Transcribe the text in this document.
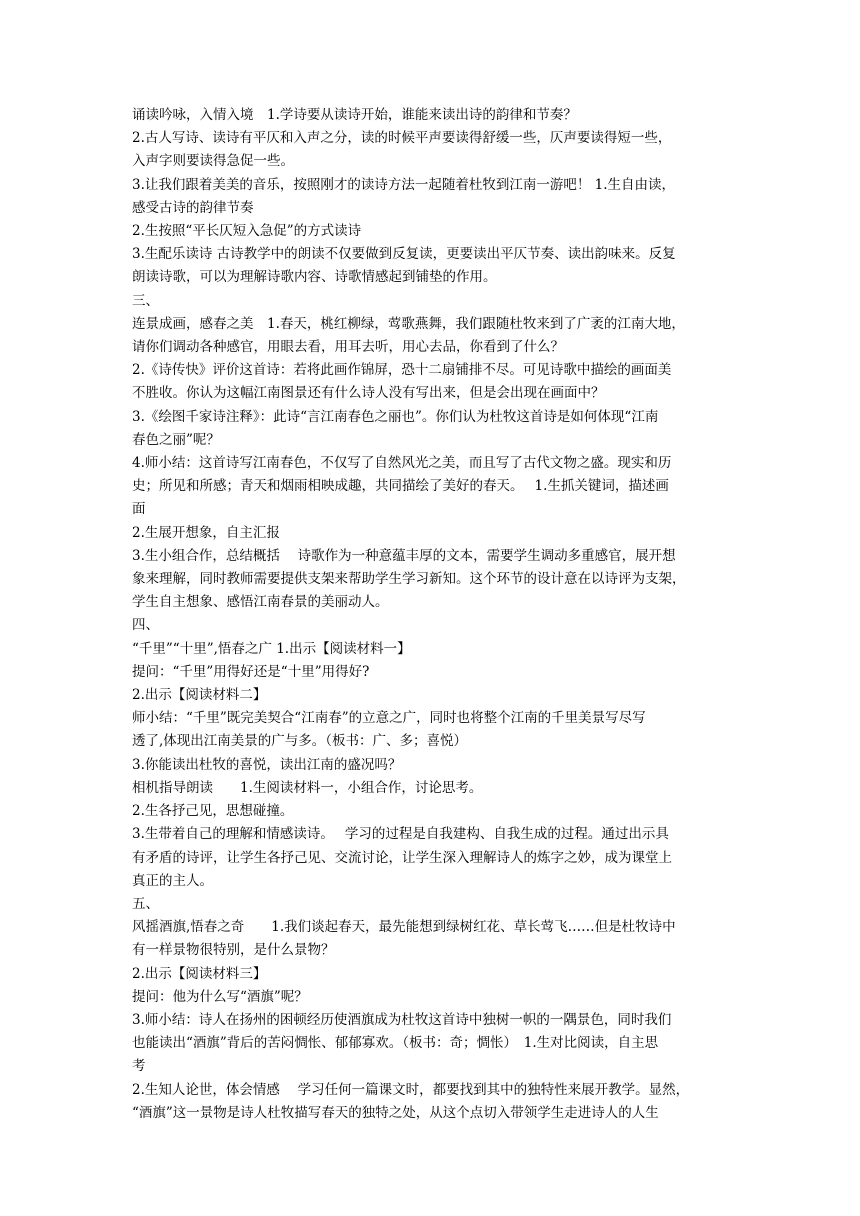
诵读吟咏，入情入境　1.学诗要从读诗开始，谁能来读出诗的韵律和节奏？
2.古人写诗、读诗有平仄和入声之分，读的时候平声要读得舒缓一些，仄声要读得短一些，
入声字则要读得急促一些。
3.让我们跟着美美的音乐，按照刚才的读诗方法一起随着杜牧到江南一游吧！ 1.生自由读，
感受古诗的韵律节奏
2.生按照“平长仄短入急促”的方式读诗
3.生配乐读诗 古诗教学中的朗读不仅要做到反复读，更要读出平仄节奏、读出韵味来。反复
朗读诗歌，可以为理解诗歌内容、诗歌情感起到铺垫的作用。
三、
连景成画，感春之美　1.春天，桃红柳绿，莺歌燕舞，我们跟随杜牧来到了广袤的江南大地，
请你们调动各种感官，用眼去看，用耳去听，用心去品，你看到了什么？
2.《诗传快》评价这首诗：若将此画作锦屏，恐十二扇铺排不尽。可见诗歌中描绘的画面美
不胜收。你认为这幅江南图景还有什么诗人没有写出来，但是会出现在画面中？
3.《绘图千家诗注释》：此诗“言江南春色之丽也”。你们认为杜牧这首诗是如何体现“江南
春色之丽”呢？
4.师小结：这首诗写江南春色，不仅写了自然风光之美，而且写了古代文物之盛。现实和历
史；所见和所感；青天和烟雨相映成趣，共同描绘了美好的春天。　 1.生抓关键词，描述画
面
2.生展开想象，自主汇报
3.生小组合作，总结概括　 诗歌作为一种意蕴丰厚的文本，需要学生调动多重感官，展开想
象来理解，同时教师需要提供支架来帮助学生学习新知。这个环节的设计意在以诗评为支架，
学生自主想象、感悟江南春景的美丽动人。
四、
“千里”“十里”,悟春之广 1.出示【阅读材料一】
提问：“千里”用得好还是“十里”用得好?
2.出示【阅读材料二】
师小结：“千里”既完美契合“江南春”的立意之广，同时也将整个江南的千里美景写尽写
透了,体现出江南美景的广与多。（板书：广、多；喜悦）
3.你能读出杜牧的喜悦，读出江南的盛况吗？
相机指导朗读　　1.生阅读材料一，小组合作，讨论思考。
2.生各抒己见，思想碰撞。
3.生带着自己的理解和情感读诗。　 学习的过程是自我建构、自我生成的过程。通过出示具
有矛盾的诗评，让学生各抒己见、交流讨论，让学生深入理解诗人的炼字之妙，成为课堂上
真正的主人。
五、
风摇酒旗,悟春之奇　　1.我们谈起春天，最先能想到绿树红花、草长莺飞……但是杜牧诗中
有一样景物很特别，是什么景物？
2.出示【阅读材料三】
提问：他为什么写“酒旗”呢？
3.师小结：诗人在扬州的困顿经历使酒旗成为杜牧这首诗中独树一帜的一隅景色，同时我们
也能读出“酒旗”背后的苦闷惆怅、郁郁寡欢。（板书：奇；惆怅）　1.生对比阅读，自主思
考
2.生知人论世，体会情感　 学习任何一篇课文时，都要找到其中的独特性来展开教学。显然，
“酒旗”这一景物是诗人杜牧描写春天的独特之处，从这个点切入带领学生走进诗人的人生
